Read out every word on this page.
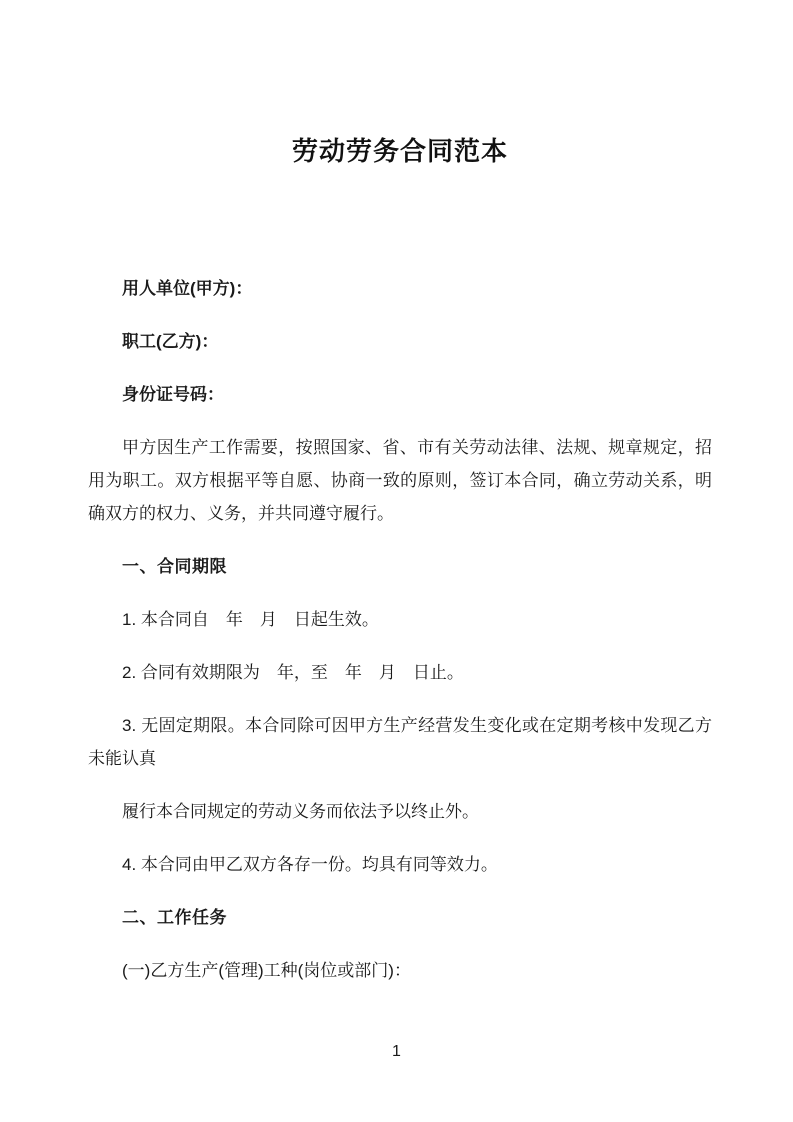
劳动劳务合同范本
用人单位(甲方)：
职工(乙方)：
身份证号码：
甲方因生产工作需要，按照国家、省、市有关劳动法律、法规、规章规定，招用为职工。双方根据平等自愿、协商一致的原则，签订本合同，确立劳动关系，明确双方的权力、义务，并共同遵守履行。
一、合同期限
1. 本合同自　年　月　日起生效。
2. 合同有效期限为　年，至　年　月　日止。
3. 无固定期限。本合同除可因甲方生产经营发生变化或在定期考核中发现乙方未能认真
履行本合同规定的劳动义务而依法予以终止外。
4. 本合同由甲乙双方各存一份。均具有同等效力。
二、工作任务
(一)乙方生产(管理)工种(岗位或部门)：
1
